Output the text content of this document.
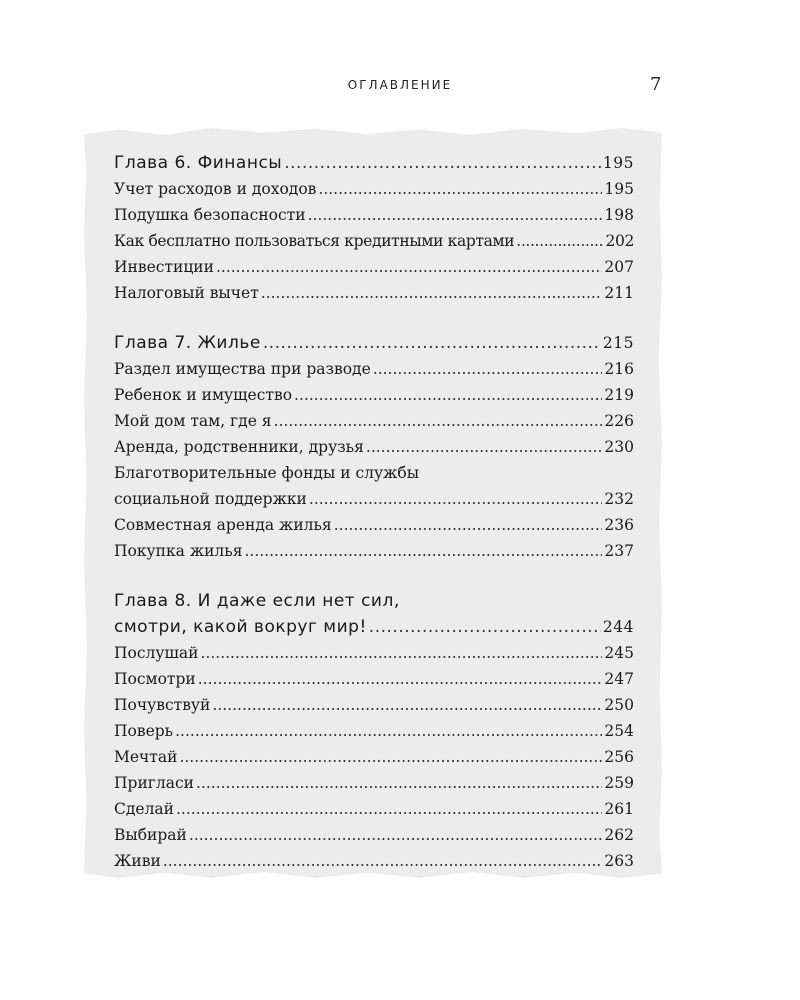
ОГЛАВЛЕНИЕ	7
Глава 6. Финансы .....	195
Учет расходов и доходов .....	195
Подушка безопасности .....	198
Как бесплатно пользоваться кредитными картами .....	202
Инвестиции .....	207
Налоговый вычет .....	211
Глава 7. Жилье .....	215
Раздел имущества при разводе .....	216
Ребенок и имущество .....	219
Мой дом там, где я .....	226
Аренда, родственники, друзья .....	230
Благотворительные фонды и службы
социальной поддержки .....	232
Совместная аренда жилья .....	236
Покупка жилья .....	237
Глава 8. И даже если нет сил,
смотри, какой вокруг мир! .....	244
Послушай .....	245
Посмотри .....	247
Почувствуй .....	250
Поверь .....	254
Мечтай .....	256
Пригласи .....	259
Сделай .....	261
Выбирай .....	262
Живи .....	263
